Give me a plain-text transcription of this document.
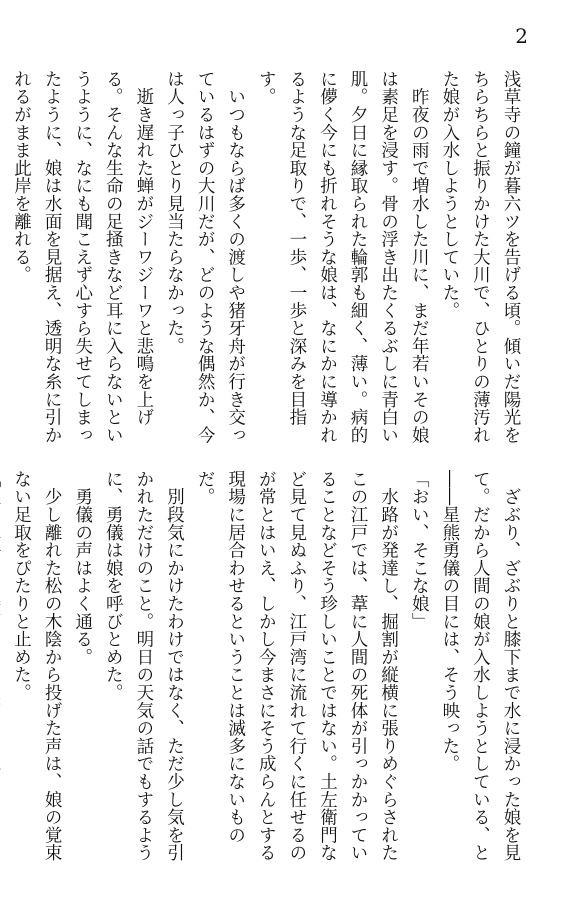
2

浅草寺の鐘が暮六ツを告げる頃。傾いだ陽光をちらちらと振りかけた大川で、ひとりの薄汚れた娘が入水しようとしていた。

　昨夜の雨で増水した川に、まだ年若いその娘は素足を浸す。骨の浮き出たくるぶしに青白い肌。夕日に縁取られた輪郭も細く、薄い。病的に儚く今にも折れそうな娘は、なにかに導かれるような足取りで、一歩、一歩と深みを目指す。

　いつもならば多くの渡しや猪牙舟が行き交っているはずの大川だが、どのような偶然か、今は人っ子ひとり見当たらなかった。

　逝き遅れた蝉がジーワジーワと悲鳴を上げる。そんな生命の足掻きなど耳に入らないというように、なにも聞こえず心すら失せてしまったように、娘は水面を見据え、透明な糸に引かれるがまま此岸を離れる。

　ざぶり、ざぶりと膝下まで水に浸かった娘を見て。だから人間の娘が入水しようとしている、と――星熊勇儀の目には、そう映った。

「おい、そこな娘」

　水路が発達し、掘割が縦横に張りめぐらされたこの江戸では、葦に人間の死体が引っかかっていることなどそう珍しいことではない。土左衛門など見て見ぬふり、江戸湾に流れて行くに任せるのが常とはいえ、しかし今まさにそう成らんとする現場に居合わせるということは滅多にないものだ。

　別段気にかけたわけではなく、ただ少し気を引かれただけのこと。明日の天気の話でもするように、勇儀は娘を呼びとめた。

　勇儀の声はよく通る。

　少し離れた松の木陰から投げた声は、娘の覚束ない足取をぴたりと止めた。
